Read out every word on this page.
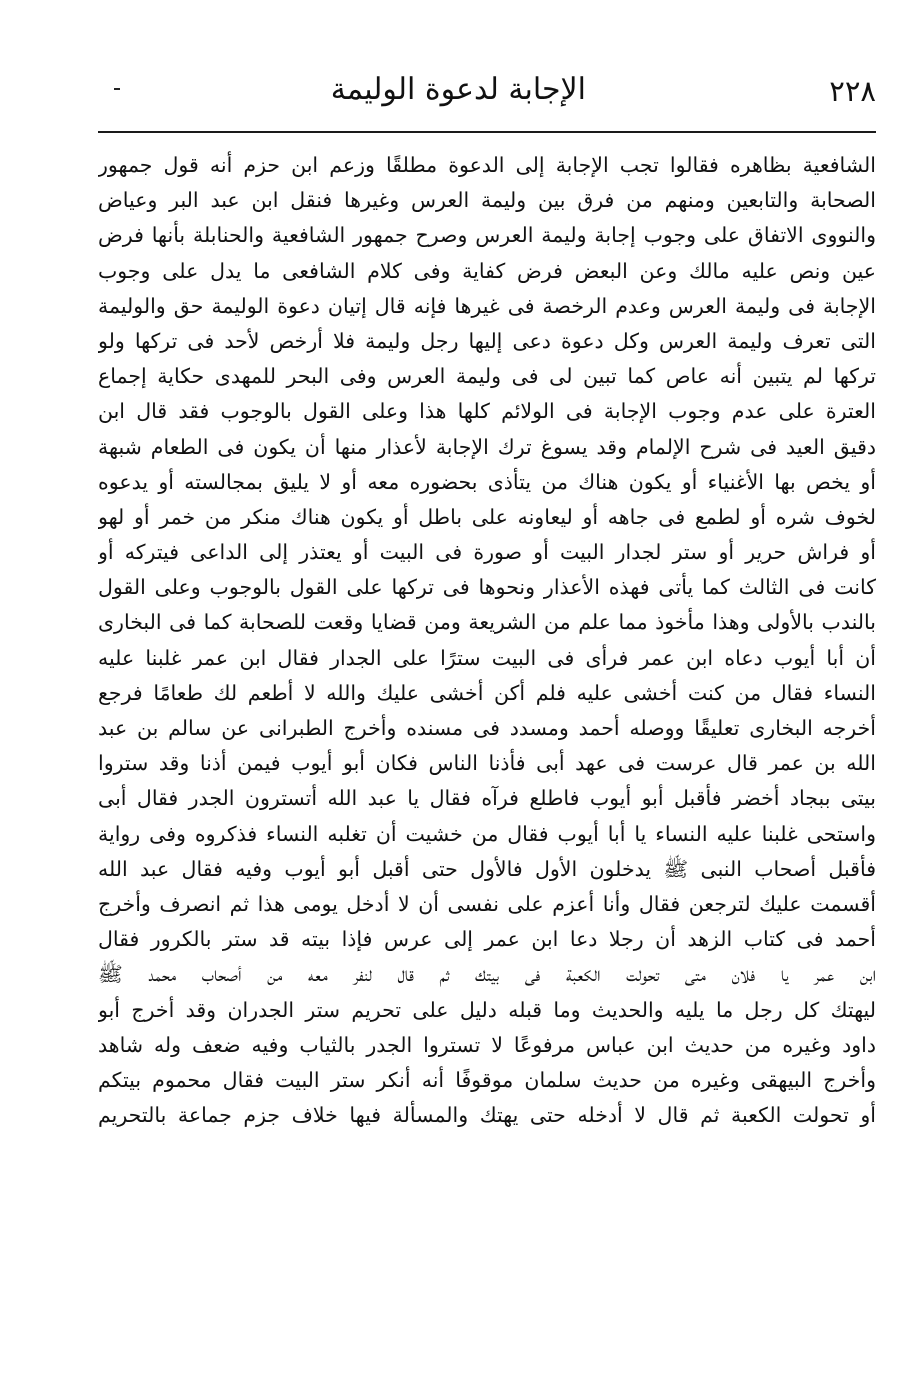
٢٢٨
الإجابة لدعوة الوليمة
الشافعية بظاهره فقالوا تجب الإجابة إلى الدعوة مطلقًا وزعم ابن حزم أنه قول جمهور
الصحابة والتابعين ومنهم من فرق بين وليمة العرس وغيرها فنقل ابن عبد البر وعياض
والنووى الاتفاق على وجوب إجابة وليمة العرس وصرح جمهور الشافعية والحنابلة بأنها فرض
عين ونص عليه مالك وعن البعض فرض كفاية وفى كلام الشافعى ما يدل على وجوب
الإجابة فى وليمة العرس وعدم الرخصة فى غيرها فإنه قال إتيان دعوة الوليمة حق والوليمة
التى تعرف وليمة العرس وكل دعوة دعى إليها رجل وليمة فلا أرخص لأحد فى تركها ولو
تركها لم يتبين أنه عاص كما تبين لى فى وليمة العرس وفى البحر للمهدى حكاية إجماع
العترة على عدم وجوب الإجابة فى الولائم كلها هذا وعلى القول بالوجوب فقد قال ابن
دقيق العيد فى شرح الإلمام وقد يسوغ ترك الإجابة لأعذار منها أن يكون فى الطعام شبهة
أو يخص بها الأغنياء أو يكون هناك من يتأذى بحضوره معه أو لا يليق بمجالسته أو يدعوه
لخوف شره أو لطمع فى جاهه أو ليعاونه على باطل أو يكون هناك منكر من خمر أو لهو
أو فراش حرير أو ستر لجدار البيت أو صورة فى البيت أو يعتذر إلى الداعى فيتركه أو
كانت فى الثالث كما يأتى فهذه الأعذار ونحوها فى تركها على القول بالوجوب وعلى القول
بالندب بالأولى وهذا مأخوذ مما علم من الشريعة ومن قضايا وقعت للصحابة كما فى البخارى
أن أبا أيوب دعاه ابن عمر فرأى فى البيت سترًا على الجدار فقال ابن عمر غلبنا عليه
النساء فقال من كنت أخشى عليه فلم أكن أخشى عليك والله لا أطعم لك طعامًا فرجع
أخرجه البخارى تعليقًا ووصله أحمد ومسدد فى مسنده وأخرج الطبرانى عن سالم بن عبد
الله بن عمر قال عرست فى عهد أبى فأذنا الناس فكان أبو أيوب فيمن أذنا وقد ستروا
بيتى ببجاد أخضر فأقبل أبو أيوب فاطلع فرآه فقال يا عبد الله أتسترون الجدر فقال أبى
واستحى غلبنا عليه النساء يا أبا أيوب فقال من خشيت أن تغلبه النساء فذكروه وفى رواية
فأقبل أصحاب النبى ﷺ يدخلون الأول فالأول حتى أقبل أبو أيوب وفيه فقال عبد الله
أقسمت عليك لترجعن فقال وأنا أعزم على نفسى أن لا أدخل يومى هذا ثم انصرف وأخرج
أحمد فى كتاب الزهد أن رجلا دعا ابن عمر إلى عرس فإذا بيته قد ستر بالكرور فقال
ابن عمر يا فلان متى تحولت الكعبة فى بيتك ثم قال لنفر معه من أصحاب محمد ﷺ
ليهتك كل رجل ما يليه والحديث وما قبله دليل على تحريم ستر الجدران وقد أخرج أبو
داود وغيره من حديث ابن عباس مرفوعًا لا تستروا الجدر بالثياب وفيه ضعف وله شاهد
وأخرج البيهقى وغيره من حديث سلمان موقوفًا أنه أنكر ستر البيت فقال محموم بيتكم
أو تحولت الكعبة ثم قال لا أدخله حتى يهتك والمسألة فيها خلاف جزم جماعة بالتحريم
